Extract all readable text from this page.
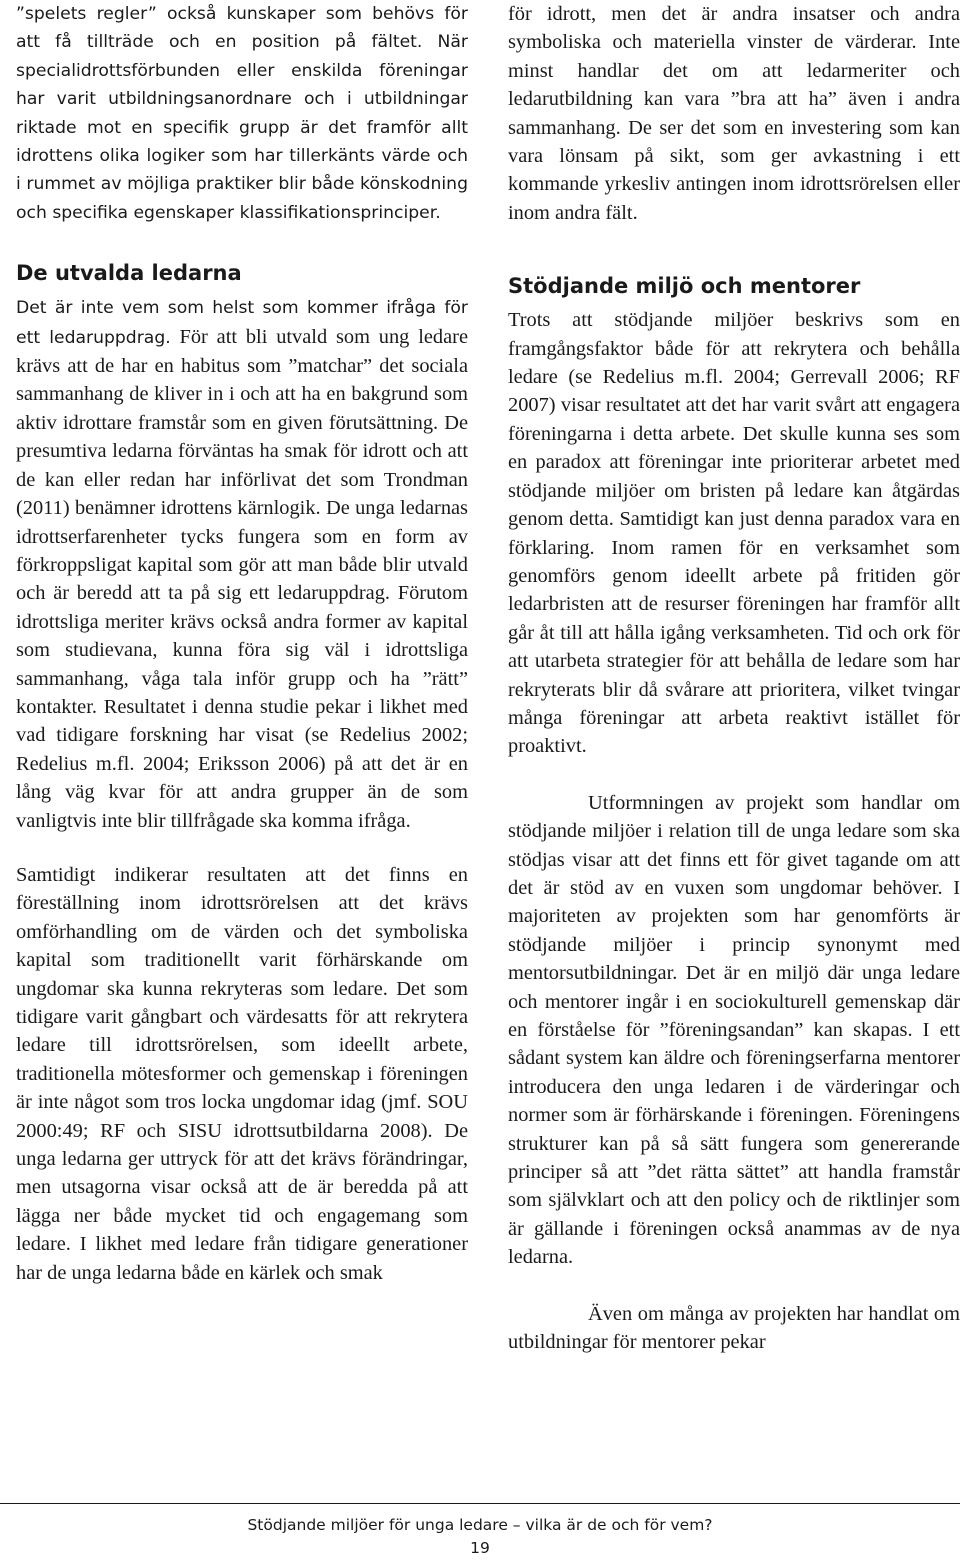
”spelets regler” också kunskaper som behövs för att få tillträde och en position på fältet. När specialidrottsförbunden eller enskilda föreningar har varit utbildningsanordnare och i utbildningar riktade mot en specifik grupp är det framför allt idrottens olika logiker som har tillerkänts värde och i rummet av möjliga praktiker blir både könskodning och specifika egenskaper klassifikationsprinciper.

De utvalda ledarna

Det är inte vem som helst som kommer ifråga för ett ledaruppdrag. För att bli utvald som ung ledare krävs att de har en habitus som ”matchar” det sociala sammanhang de kliver in i och att ha en bakgrund som aktiv idrottare framstår som en given förutsättning. De presumtiva ledarna förväntas ha smak för idrott och att de kan eller redan har införlivat det som Trondman (2011) benämner idrottens kärnlogik. De unga ledarnas idrottserfarenheter tycks fungera som en form av förkroppsligat kapital som gör att man både blir utvald och är beredd att ta på sig ett ledaruppdrag. Förutom idrottsliga meriter krävs också andra former av kapital som studievana, kunna föra sig väl i idrottsliga sammanhang, våga tala inför grupp och ha ”rätt” kontakter. Resultatet i denna studie pekar i likhet med vad tidigare forskning har visat (se Redelius 2002; Redelius m.fl. 2004; Eriksson 2006) på att det är en lång väg kvar för att andra grupper än de som vanligtvis inte blir tillfrågade ska komma ifråga.

Samtidigt indikerar resultaten att det finns en föreställning inom idrottsrörelsen att det krävs omförhandling om de värden och det symboliska kapital som traditionellt varit förhärskande om ungdomar ska kunna rekryteras som ledare. Det som tidigare varit gångbart och värdesatts för att rekrytera ledare till idrottsrörelsen, som ideellt arbete, traditionella mötesformer och gemenskap i föreningen är inte något som tros locka ungdomar idag (jmf. SOU 2000:49; RF och SISU idrottsutbildarna 2008). De unga ledarna ger uttryck för att det krävs förändringar, men utsagorna visar också att de är beredda på att lägga ner både mycket tid och engagemang som ledare. I likhet med ledare från tidigare generationer har de unga ledarna både en kärlek och smak

för idrott, men det är andra insatser och andra symboliska och materiella vinster de värderar. Inte minst handlar det om att ledarmeriter och ledarutbildning kan vara ”bra att ha” även i andra sammanhang. De ser det som en investering som kan vara lönsam på sikt, som ger avkastning i ett kommande yrkesliv antingen inom idrottsrörelsen eller inom andra fält.

Stödjande miljö och mentorer

Trots att stödjande miljöer beskrivs som en framgångsfaktor både för att rekrytera och behålla ledare (se Redelius m.fl. 2004; Gerrevall 2006; RF 2007) visar resultatet att det har varit svårt att engagera föreningarna i detta arbete. Det skulle kunna ses som en paradox att föreningar inte prioriterar arbetet med stödjande miljöer om bristen på ledare kan åtgärdas genom detta. Samtidigt kan just denna paradox vara en förklaring. Inom ramen för en verksamhet som genomförs genom ideellt arbete på fritiden gör ledarbristen att de resurser föreningen har framför allt går åt till att hålla igång verksamheten. Tid och ork för att utarbeta strategier för att behålla de ledare som har rekryterats blir då svårare att prioritera, vilket tvingar många föreningar att arbeta reaktivt istället för proaktivt.

Utformningen av projekt som handlar om stödjande miljöer i relation till de unga ledare som ska stödjas visar att det finns ett för givet tagande om att det är stöd av en vuxen som ungdomar behöver. I majoriteten av projekten som har genomförts är stödjande miljöer i princip synonymt med mentorsutbildningar. Det är en miljö där unga ledare och mentorer ingår i en sociokulturell gemenskap där en förståelse för ”föreningsandan” kan skapas. I ett sådant system kan äldre och föreningserfarna mentorer introducera den unga ledaren i de värderingar och normer som är förhärskande i föreningen. Föreningens strukturer kan på så sätt fungera som genererande principer så att ”det rätta sättet” att handla framstår som självklart och att den policy och de riktlinjer som är gällande i föreningen också anammas av de nya ledarna.

Även om många av projekten har handlat om utbildningar för mentorer pekar

Stödjande miljöer för unga ledare – vilka är de och för vem?
19
